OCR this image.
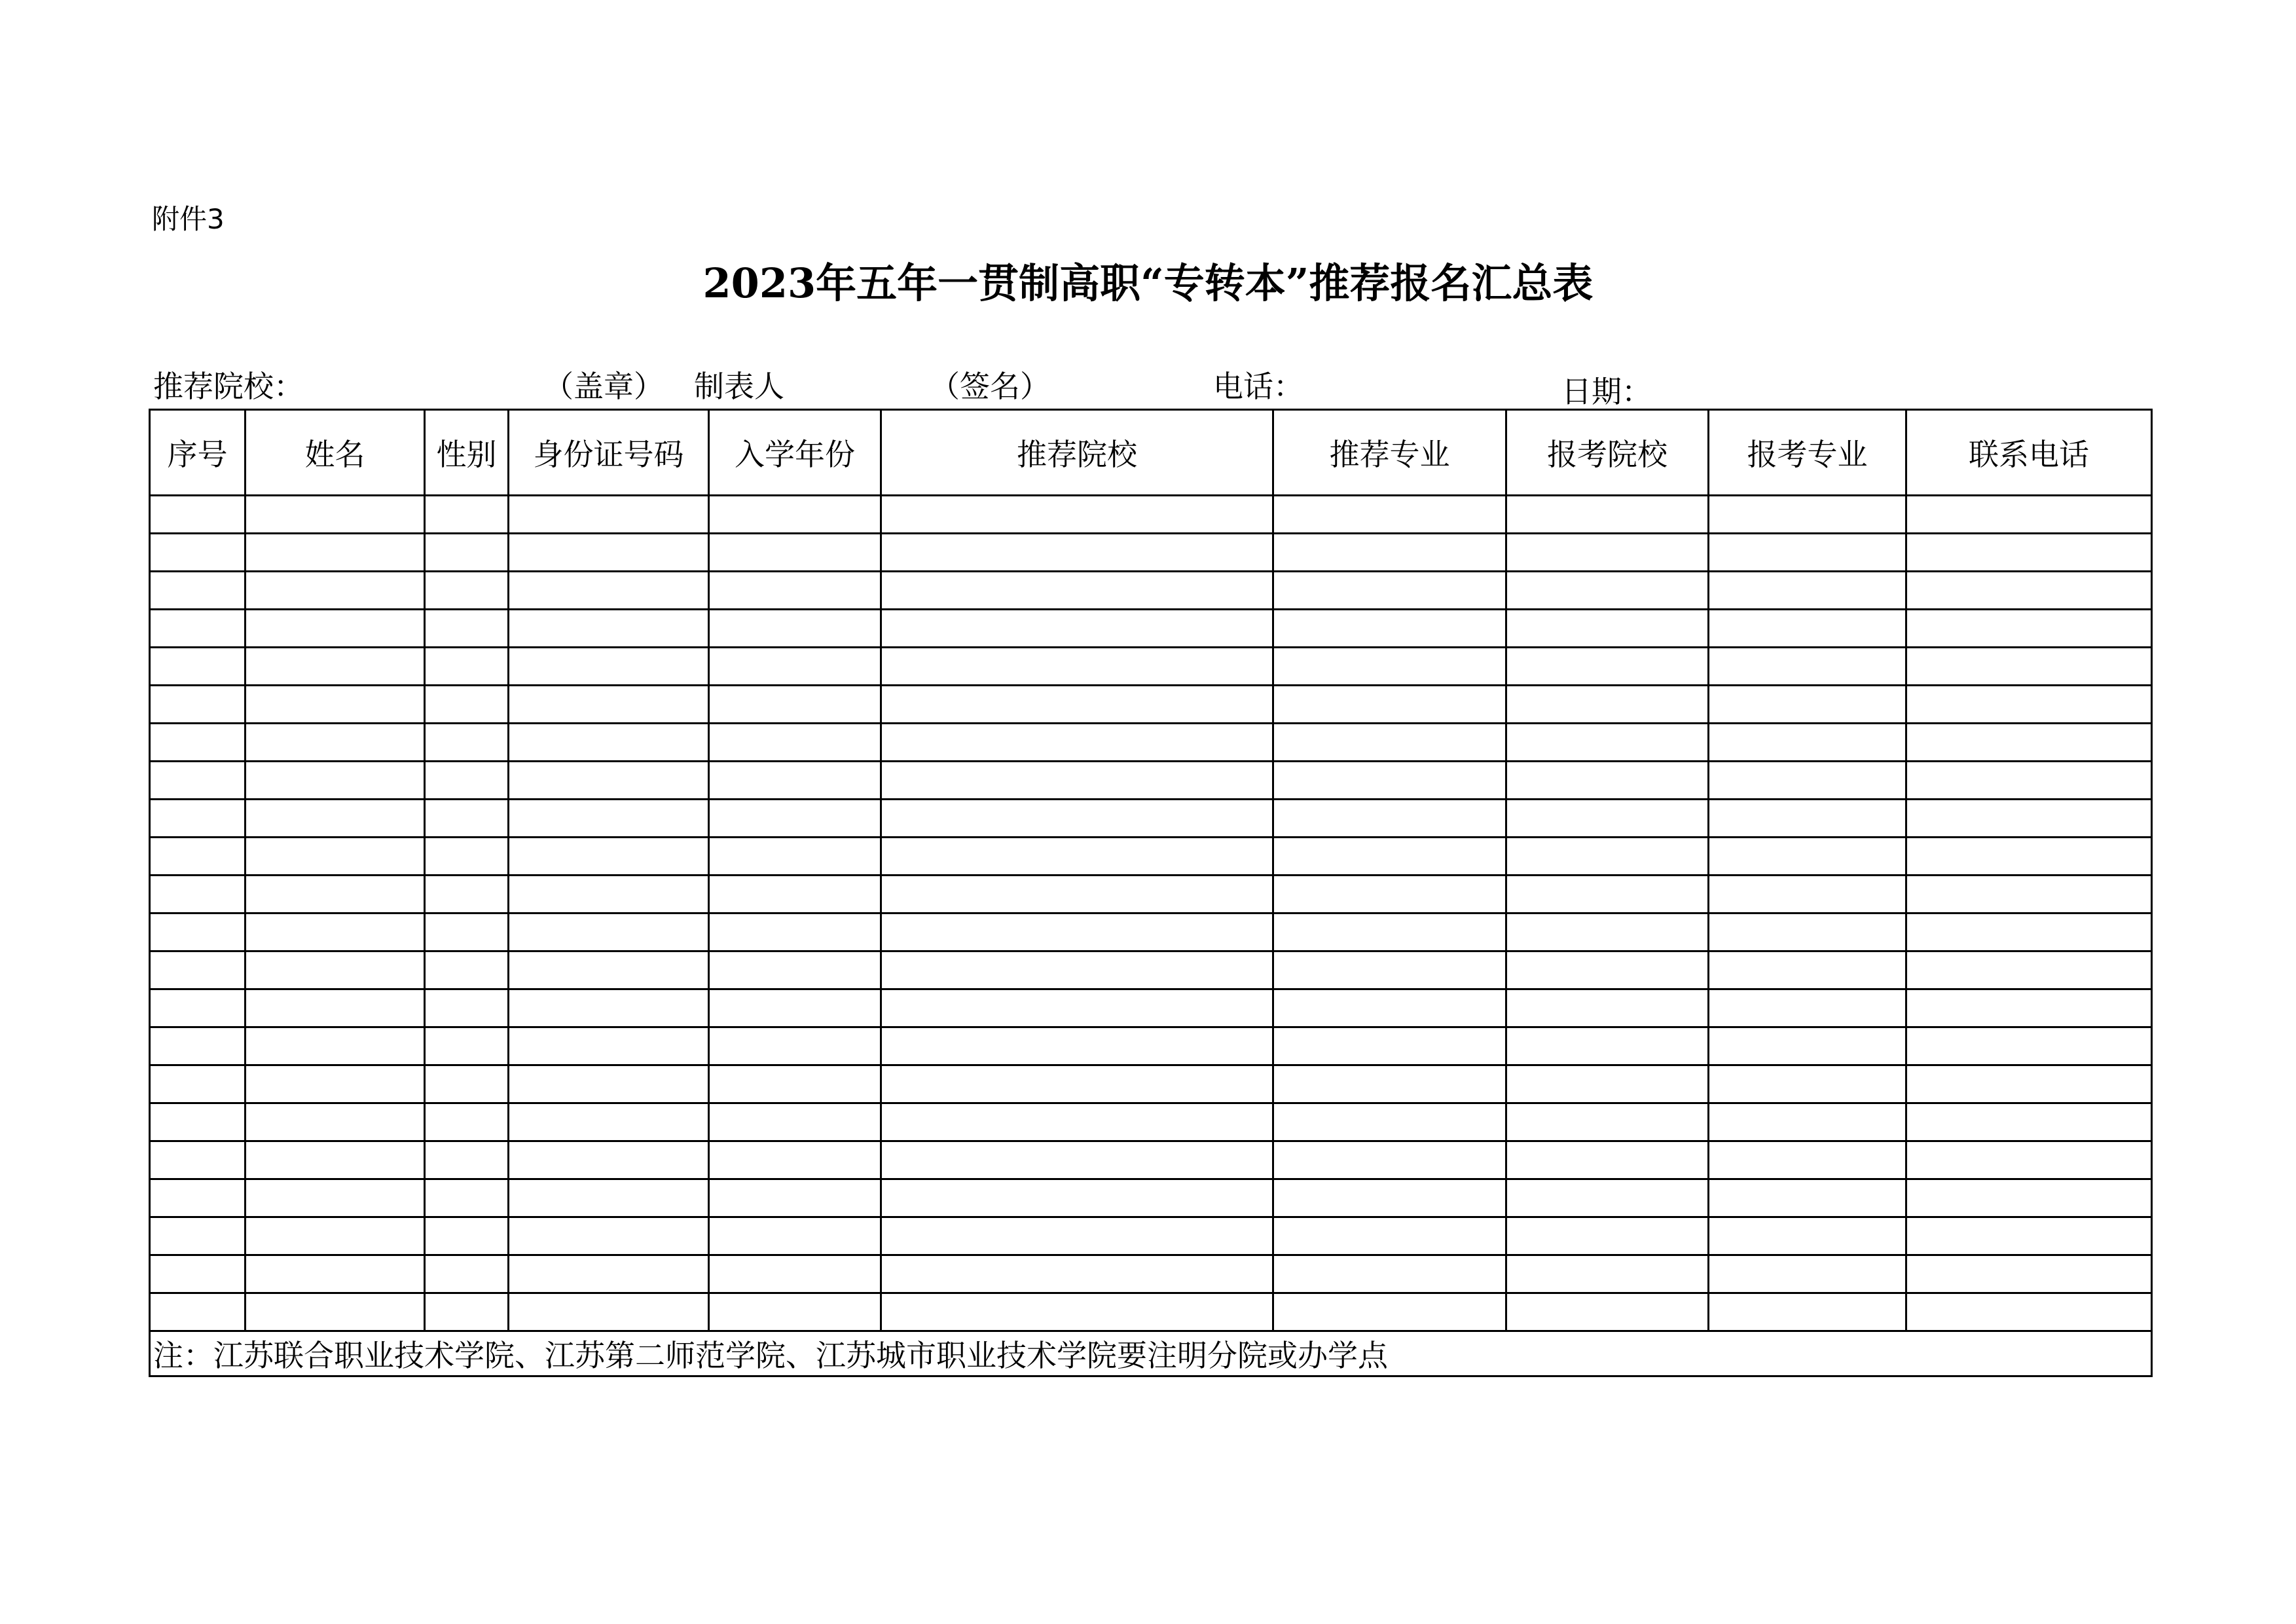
附件3
2023年五年一贯制高职“专转本”推荐报名汇总表
推荐院校：	（盖章） 制表人	（签名）	电话：	日期：
序号	姓名	性别	身份证号码	入学年份	推荐院校	推荐专业	报考院校	报考专业	联系电话

注：江苏联合职业技术学院、江苏第二师范学院、江苏城市职业技术学院要注明分院或办学点									
